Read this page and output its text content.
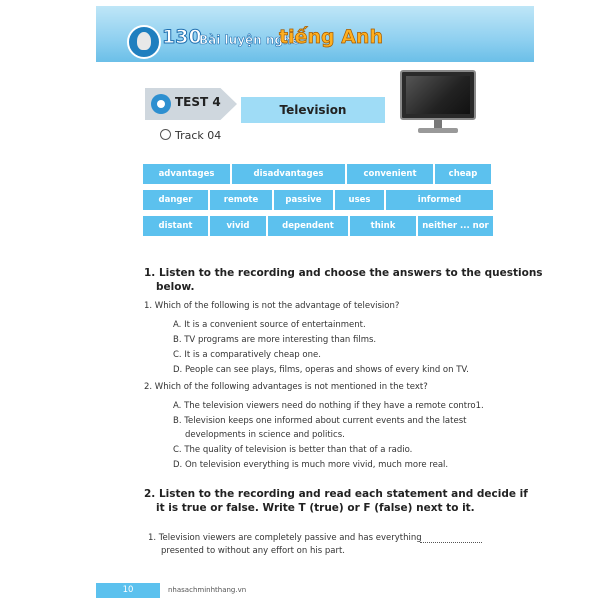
130
Bài luyện nghe
tiếng Anh
TEST 4
Television
Track 04
advantages	disadvantages	convenient	cheap
danger	remote	passive	uses	informed
distant	vivid	dependent	think	neither ... nor
1. Listen to the recording and choose the answers to the questions
below.
1. Which of the following is not the advantage of television?
A. It is a convenient source of entertainment.
B. TV programs are more interesting than films.
C. It is a comparatively cheap one.
D. People can see plays, films, operas and shows of every kind on TV.
2. Which of the following advantages is not mentioned in the text?
A. The television viewers need do nothing if they have a remote contro1.
B. Television keeps one informed about current events and the latest
developments in science and politics.
C. The quality of television is better than that of a radio.
D. On television everything is much more vivid, much more real.
2. Listen to the recording and read each statement and decide if
it is true or false. Write T (true) or F (false) next to it.
1. Television viewers are completely passive and has everything
presented to without any effort on his part.
10	nhasachminhthang.vn
